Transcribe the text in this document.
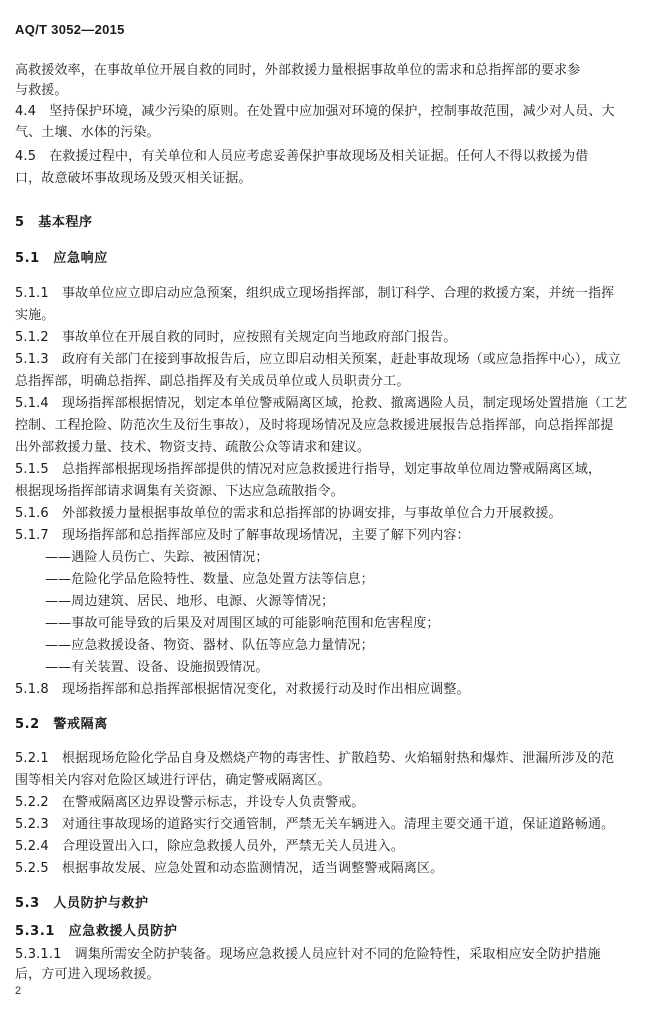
AQ/T 3052—2015
高救援效率，在事故单位开展自救的同时，外部救援力量根据事故单位的需求和总指挥部的要求参
与救援。
4.4　坚持保护环境，减少污染的原则。在处置中应加强对环境的保护，控制事故范围，减少对人员、大
气、土壤、水体的污染。
4.5　在救援过程中，有关单位和人员应考虑妥善保护事故现场及相关证据。任何人不得以救援为借
口，故意破坏事故现场及毁灭相关证据。
5　基本程序
5.1　应急响应
5.1.1　事故单位应立即启动应急预案，组织成立现场指挥部，制订科学、合理的救援方案，并统一指挥
实施。
5.1.2　事故单位在开展自救的同时，应按照有关规定向当地政府部门报告。
5.1.3　政府有关部门在接到事故报告后，应立即启动相关预案，赶赴事故现场（或应急指挥中心），成立
总指挥部，明确总指挥、副总指挥及有关成员单位或人员职责分工。
5.1.4　现场指挥部根据情况，划定本单位警戒隔离区域，抢救、撤离遇险人员，制定现场处置措施（工艺
控制、工程抢险、防范次生及衍生事故），及时将现场情况及应急救援进展报告总指挥部，向总指挥部提
出外部救援力量、技术、物资支持、疏散公众等请求和建议。
5.1.5　总指挥部根据现场指挥部提供的情况对应急救援进行指导，划定事故单位周边警戒隔离区域，
根据现场指挥部请求调集有关资源、下达应急疏散指令。
5.1.6　外部救援力量根据事故单位的需求和总指挥部的协调安排，与事故单位合力开展救援。
5.1.7　现场指挥部和总指挥部应及时了解事故现场情况，主要了解下列内容：
——遇险人员伤亡、失踪、被困情况；
——危险化学品危险特性、数量、应急处置方法等信息；
——周边建筑、居民、地形、电源、火源等情况；
——事故可能导致的后果及对周围区域的可能影响范围和危害程度；
——应急救援设备、物资、器材、队伍等应急力量情况；
——有关装置、设备、设施损毁情况。
5.1.8　现场指挥部和总指挥部根据情况变化，对救援行动及时作出相应调整。
5.2　警戒隔离
5.2.1　根据现场危险化学品自身及燃烧产物的毒害性、扩散趋势、火焰辐射热和爆炸、泄漏所涉及的范
围等相关内容对危险区域进行评估，确定警戒隔离区。
5.2.2　在警戒隔离区边界设警示标志，并设专人负责警戒。
5.2.3　对通往事故现场的道路实行交通管制，严禁无关车辆进入。清理主要交通干道，保证道路畅通。
5.2.4　合理设置出入口，除应急救援人员外，严禁无关人员进入。
5.2.5　根据事故发展、应急处置和动态监测情况，适当调整警戒隔离区。
5.3　人员防护与救护
5.3.1　应急救援人员防护
5.3.1.1　调集所需安全防护装备。现场应急救援人员应针对不同的危险特性，采取相应安全防护措施
后，方可进入现场救援。
2
